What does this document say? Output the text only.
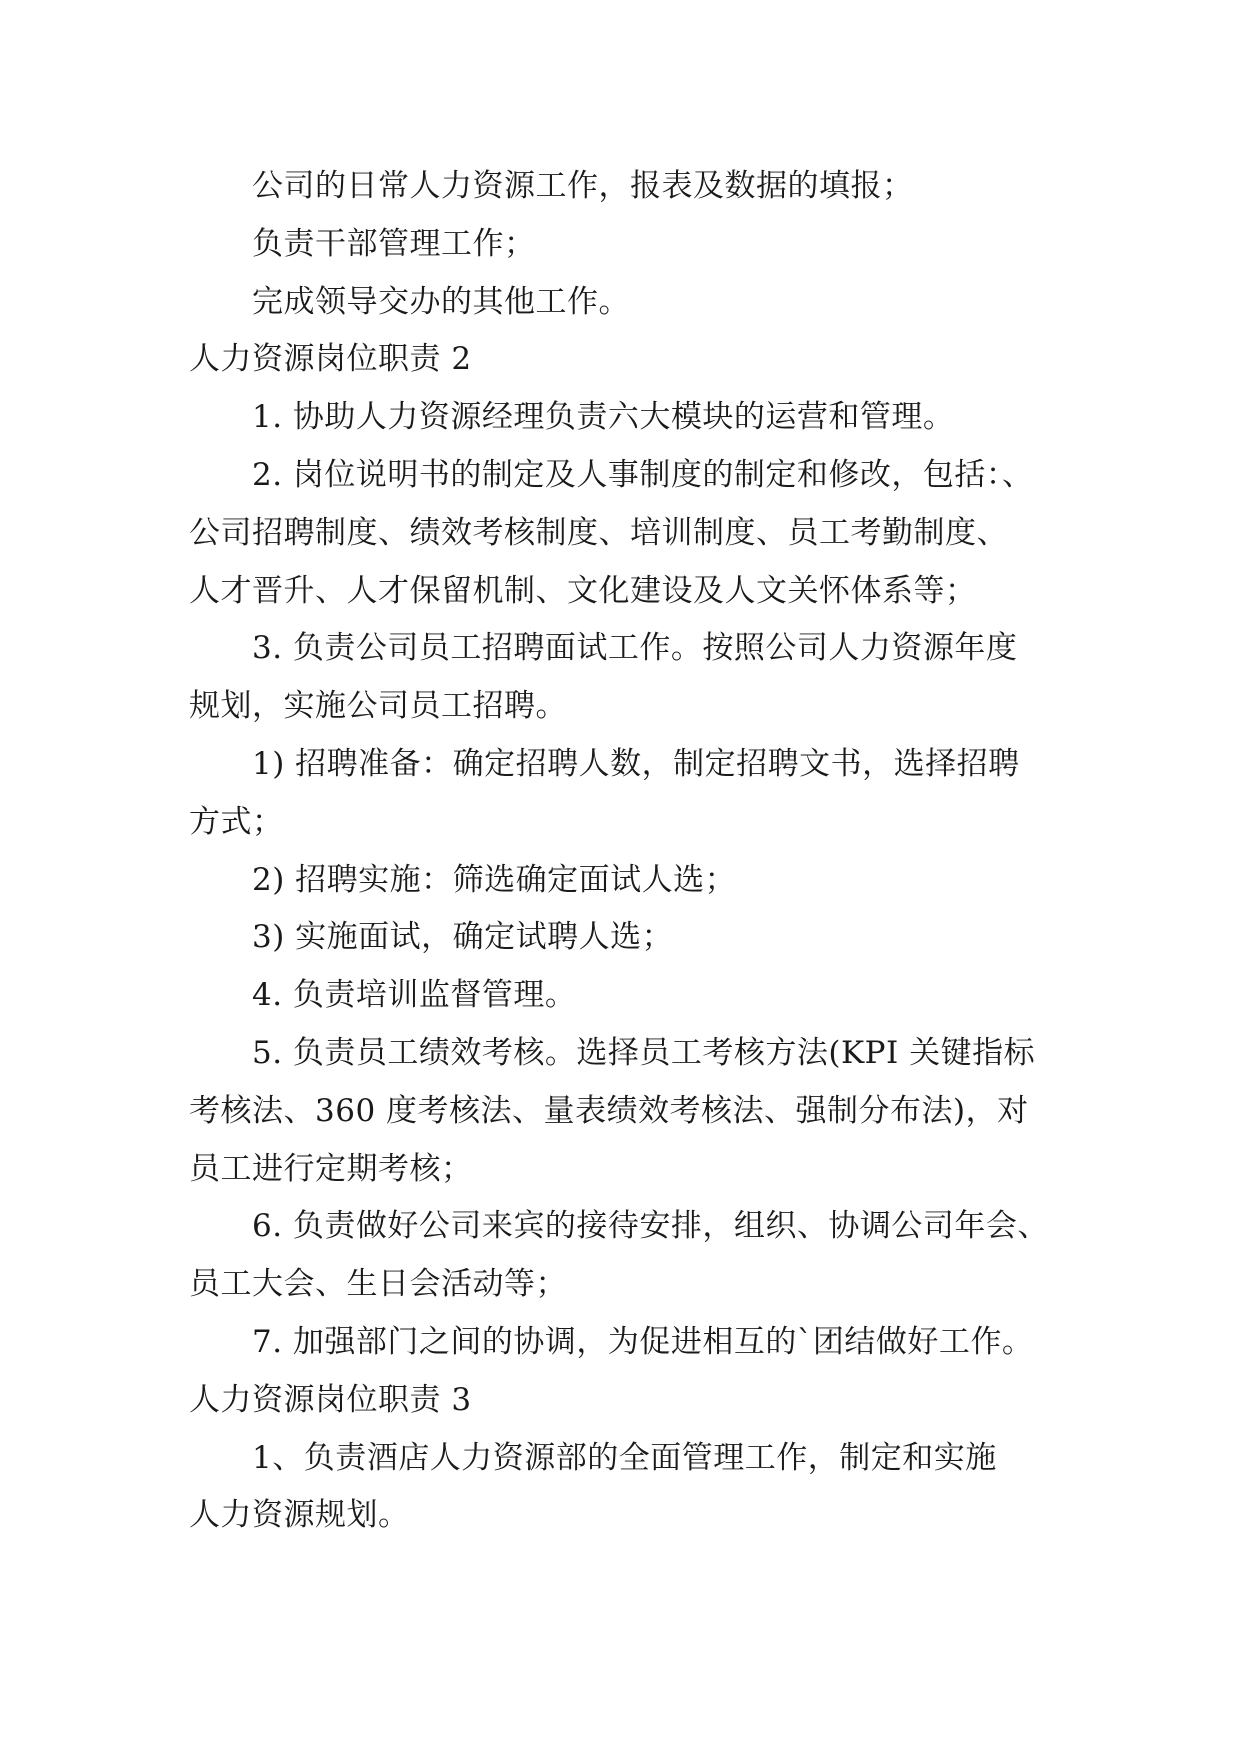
公司的日常人力资源工作，报表及数据的填报；
负责干部管理工作；
完成领导交办的其他工作。
人力资源岗位职责 2
1. 协助人力资源经理负责六大模块的运营和管理。
2. 岗位说明书的制定及人事制度的制定和修改，包括：、
公司招聘制度、绩效考核制度、培训制度、员工考勤制度、
人才晋升、人才保留机制、文化建设及人文关怀体系等；
3. 负责公司员工招聘面试工作。按照公司人力资源年度
规划，实施公司员工招聘。
1) 招聘准备：确定招聘人数，制定招聘文书，选择招聘
方式；
2) 招聘实施：筛选确定面试人选；
3) 实施面试，确定试聘人选；
4. 负责培训监督管理。
5. 负责员工绩效考核。选择员工考核方法(KPI 关键指标
考核法、360 度考核法、量表绩效考核法、强制分布法)，对
员工进行定期考核；
6. 负责做好公司来宾的接待安排，组织、协调公司年会、
员工大会、生日会活动等；
7. 加强部门之间的协调，为促进相互的`团结做好工作。
人力资源岗位职责 3
1、负责酒店人力资源部的全面管理工作，制定和实施
人力资源规划。
